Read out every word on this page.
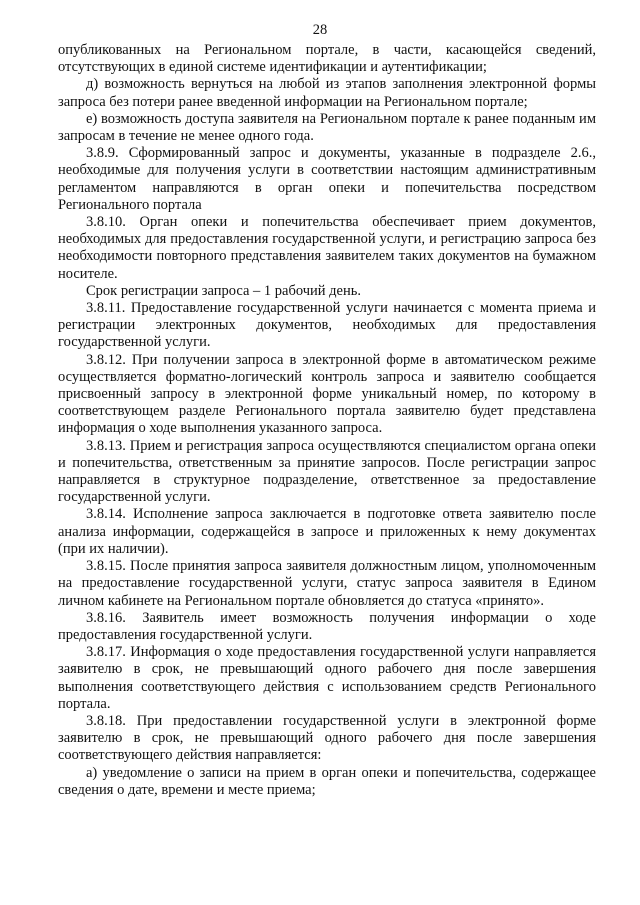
28

опубликованных на Региональном портале, в части, касающейся сведений, отсутствующих в единой системе идентификации и аутентификации;

д) возможность вернуться на любой из этапов заполнения электронной формы запроса без потери ранее введенной информации на Региональном портале;

е) возможность доступа заявителя на Региональном портале к ранее поданным им запросам в течение не менее одного года.

3.8.9. Сформированный запрос и документы, указанные в подразделе 2.6., необходимые для получения услуги в соответствии настоящим административным регламентом направляются в орган опеки и попечительства посредством Регионального портала

3.8.10. Орган опеки и попечительства обеспечивает прием документов, необходимых для предоставления государственной услуги, и регистрацию запроса без необходимости повторного представления заявителем таких документов на бумажном носителе.

Срок регистрации запроса – 1 рабочий день.

3.8.11. Предоставление государственной услуги начинается с момента приема и регистрации электронных документов, необходимых для предоставления государственной услуги.

3.8.12. При получении запроса в электронной форме в автоматическом режиме осуществляется форматно-логический контроль запроса и заявителю сообщается присвоенный запросу в электронной форме уникальный номер, по которому в соответствующем разделе Регионального портала заявителю будет представлена информация о ходе выполнения указанного запроса.

3.8.13. Прием и регистрация запроса осуществляются специалистом органа опеки и попечительства, ответственным за принятие запросов. После регистрации запрос направляется в структурное подразделение, ответственное за предоставление государственной услуги.

3.8.14. Исполнение запроса заключается в подготовке ответа заявителю после анализа информации, содержащейся в запросе и приложенных к нему документах (при их наличии).

3.8.15. После принятия запроса заявителя должностным лицом, уполномоченным на предоставление государственной услуги, статус запроса заявителя в Едином личном кабинете на Региональном портале обновляется до статуса «принято».

3.8.16. Заявитель имеет возможность получения информации о ходе предоставления государственной услуги.

3.8.17. Информация о ходе предоставления государственной услуги направляется заявителю в срок, не превышающий одного рабочего дня после завершения выполнения соответствующего действия с использованием средств Регионального портала.

3.8.18. При предоставлении государственной услуги в электронной форме заявителю в срок, не превышающий одного рабочего дня после завершения соответствующего действия направляется:

а) уведомление о записи на прием в орган опеки и попечительства, содержащее сведения о дате, времени и месте приема;
